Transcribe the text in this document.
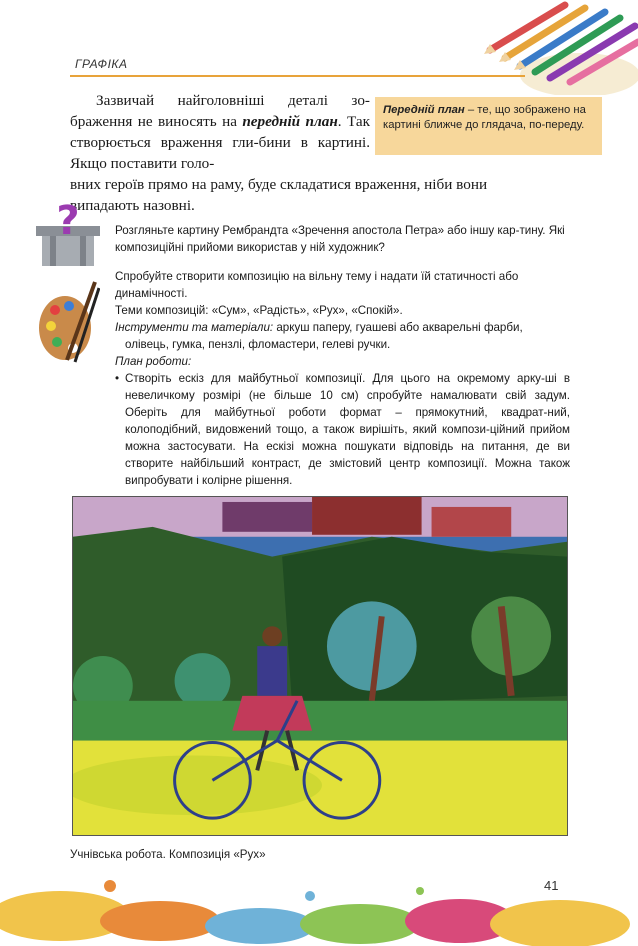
ГРАФІКА

Зазвичай найголовніші деталі зо-браження не виносять на передній план. Так створюється враження гли-бини в картині. Якщо поставити голо-

вних героїв прямо на раму, буде складатися враження, ніби вони
випадають назовні.
Передній план – те, що зображено на картині ближче до глядача, по-переду.
?	Розгляньте картину Рембрандта «Зречення апостола Петра» або іншу кар-тину. Які композиційні прийоми використав у ній художник?
Спробуйте створити композицію на вільну тему і надати їй статичності або
динамічності.
Теми композицій: «Сум», «Радість», «Рух», «Спокій».
Інструменти та матеріали: аркуш паперу, гуашеві або акварельні фарби,
олівець, гумка, пензлі, фломастери, гелеві ручки.
План роботи:
• Створіть ескіз для майбутньої композиції. Для цього на окремому арку-ші в невеличкому розмірі (не більше 10 см) спробуйте намалювати свій задум. Оберіть для майбутньої роботи формат – прямокутний, квадрат-ний, колоподібний, видовжений тощо, а також вирішіть, який компози-ційний прийом можна застосувати. На ескізі можна пошукати відповідь на питання, де ви створите найбільший контраст, де змістовий центр композиції. Можна також випробувати і колірне рішення.
Учнівська робота. Композиція «Рух»
41
